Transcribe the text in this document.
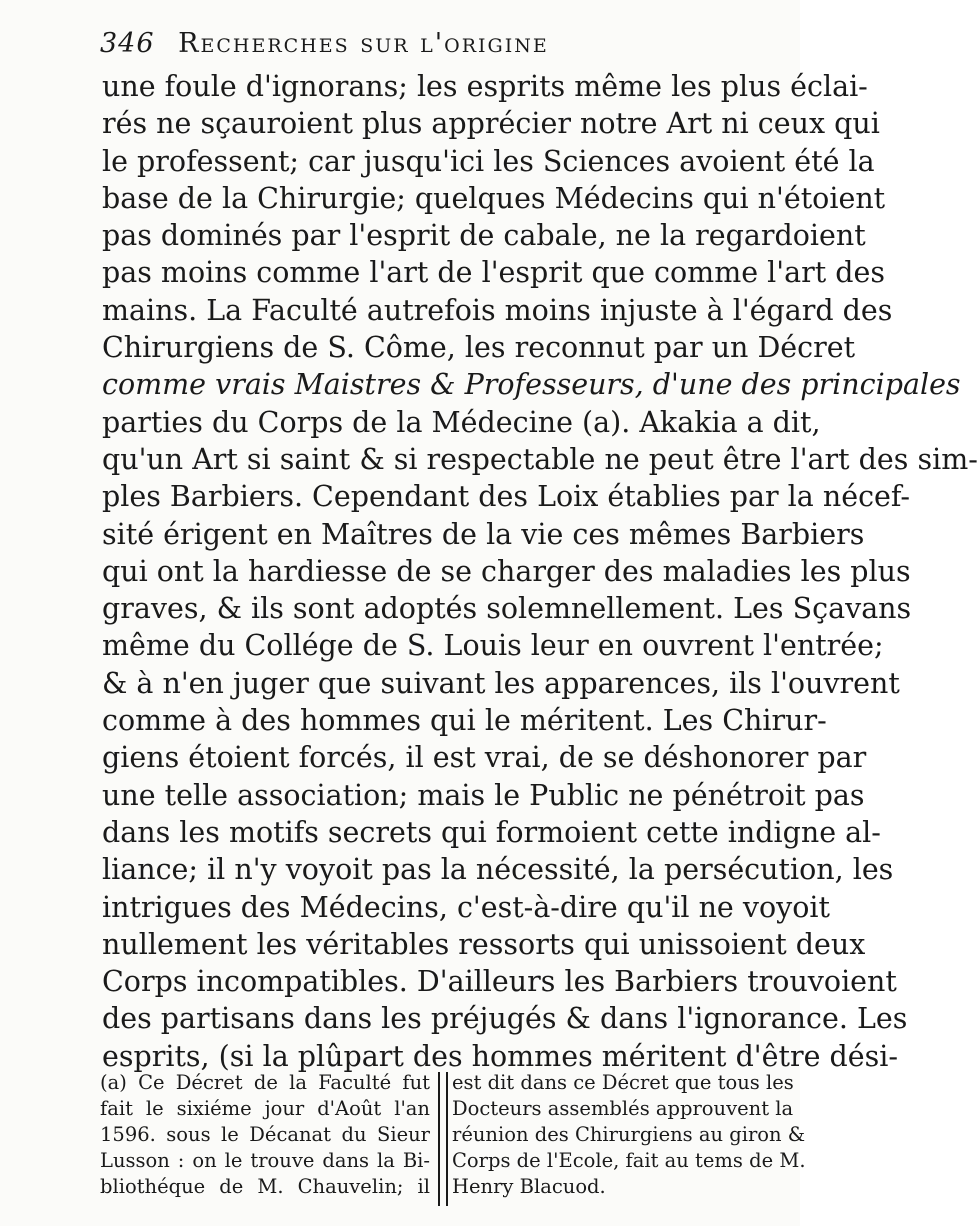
346 Recherches sur l'origine
une foule d'ignorans; les esprits même les plus éclai-
rés ne sçauroient plus apprécier notre Art ni ceux qui
le professent; car jusqu'ici les Sciences avoient été la
base de la Chirurgie; quelques Médecins qui n'étoient
pas dominés par l'esprit de cabale, ne la regardoient
pas moins comme l'art de l'esprit que comme l'art des
mains. La Faculté autrefois moins injuste à l'égard des
Chirurgiens de S. Côme, les reconnut par un Décret
comme vrais Maistres & Professeurs, d'une des principales
parties du Corps de la Médecine (a). Akakia a dit,
qu'un Art si saint & si respectable ne peut être l'art des sim-
ples Barbiers. Cependant des Loix établies par la nécef-
sité érigent en Maîtres de la vie ces mêmes Barbiers
qui ont la hardiesse de se charger des maladies les plus
graves, & ils sont adoptés solemnellement. Les Sçavans
même du Collége de S. Louis leur en ouvrent l'entrée;
& à n'en juger que suivant les apparences, ils l'ouvrent
comme à des hommes qui le méritent. Les Chirur-
giens étoient forcés, il est vrai, de se déshonorer par
une telle association; mais le Public ne pénétroit pas
dans les motifs secrets qui formoient cette indigne al-
liance; il n'y voyoit pas la nécessité, la persécution, les
intrigues des Médecins, c'est-à-dire qu'il ne voyoit
nullement les véritables ressorts qui unissoient deux
Corps incompatibles. D'ailleurs les Barbiers trouvoient
des partisans dans les préjugés & dans l'ignorance. Les
esprits, (si la plûpart des hommes méritent d'être dési-
(a) Ce Décret de la Faculté fut
fait le sixiéme jour d'Août l'an
1596. sous le Décanat du Sieur
Lusson : on le trouve dans la Bi-
bliothéque de M. Chauvelin; il
est dit dans ce Décret que tous les
Docteurs assemblés approuvent la
réunion des Chirurgiens au giron &
Corps de l'Ecole, fait au tems de M.
Henry Blacuod.
